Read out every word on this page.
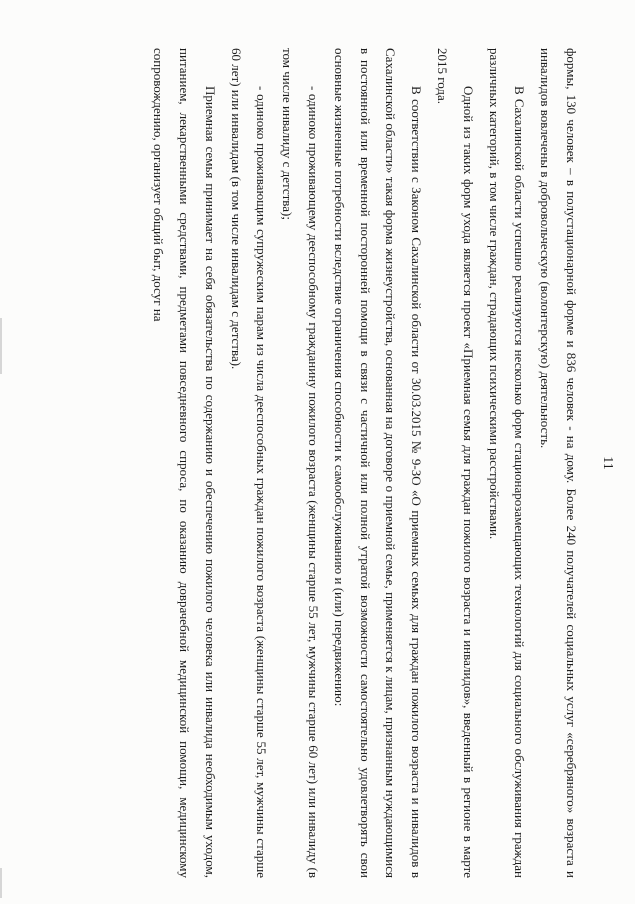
11

формы, 130 человек – в полустационарной форме и 836 человек - на дому. Более 240 получателей социальных услуг «серебряного» возраста и инвалидов вовлечены в добровольческую (волонтерскую) деятельность.

В Сахалинской области успешно реализуются несколько форм стационарозамещающих технологий для социального обслуживания граждан различных категорий, в том числе граждан, страдающих психическими расстройствами.

Одной из таких форм ухода является проект «Приемная семья для граждан пожилого возраста и инвалидов», введенный в регионе в марте 2015 года.

В соответствии с Законом Сахалинской области от 30.03.2015 № 9-ЗО «О приемных семьях для граждан пожилого возраста и инвалидов в Сахалинской области» такая форма жизнеустройства, основанная на договоре о приемной семье, применяется к лицам, признанным нуждающимися в постоянной или временной посторонней помощи в связи с частичной или полной утратой возможности самостоятельно удовлетворять свои основные жизненные потребности вследствие ограничения способности к самообслуживанию и (или) передвижению:

- одиноко проживающему дееспособному гражданину пожилого возраста (женщины старше 55 лет, мужчины старше 60 лет) или инвалиду (в том числе инвалиду с детства);

- одиноко проживающим супружеским парам из числа дееспособных граждан пожилого возраста (женщины старше 55 лет, мужчины старше 60 лет) или инвалидам (в том числе инвалидам с детства).

Приемная семья принимает на себя обязательства по содержанию и обеспечению пожилого человека или инвалида необходимым уходом, питанием, лекарственными средствами, предметами повседневного спроса, по оказанию доврачебной медицинской помощи, медицинскому сопровождению, организует общий быт, досуг на
